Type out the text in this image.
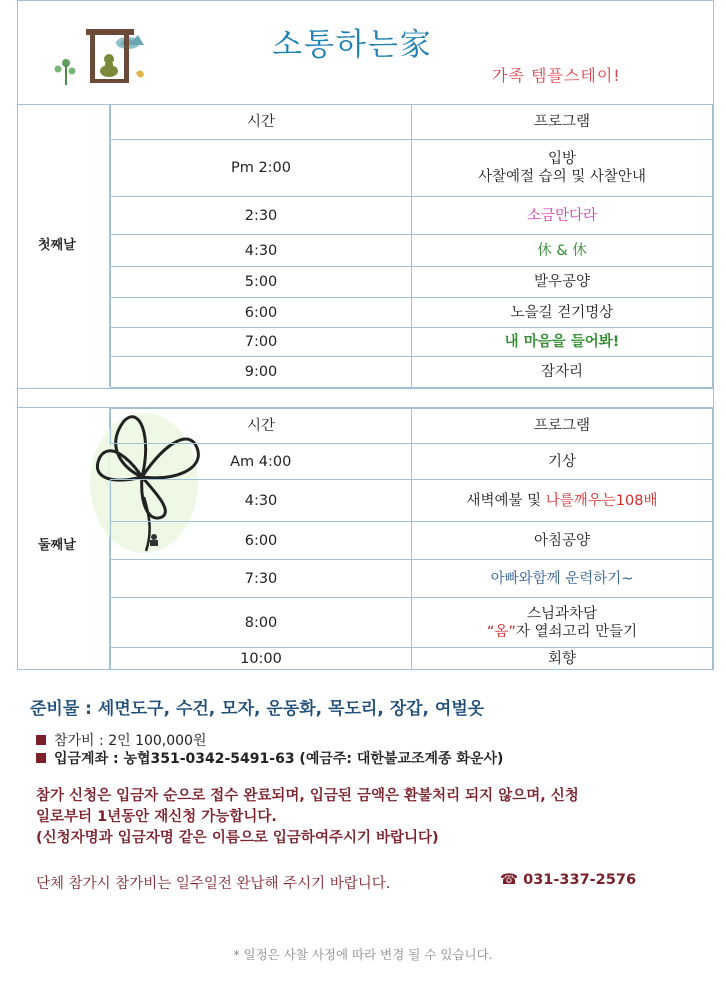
소통하는家
가족 템플스테이!
첫째날
시간	프로그램
Pm 2:00	입방
사찰예절 습의 및 사찰안내
2:30	소금만다라
4:30	休 & 休
5:00	발우공양
6:00	노을길 걷기명상
7:00	내 마음을 들어봐!
9:00	잠자리
둘째날
시간	프로그램
Am 4:00	기상
4:30	새벽예불 및 나를깨우는108배
6:00	아침공양
7:30	아빠와함께 운력하기~
8:00	스님과차담
“옴”자 열쇠고리 만들기
10:00	회향
준비물 : 세면도구, 수건, 모자, 운동화, 목도리, 장갑, 여벌옷
참가비 : 2인 100,000원
입금계좌 : 농협351-0342-5491-63 (예금주: 대한불교조계종 화운사)
참가 신청은 입금자 순으로 접수 완료되며, 입금된 금액은 환불처리 되지 않으며, 신청
일로부터 1년동안 재신청 가능합니다.
(신청자명과 입금자명 같은 이름으로 입금하여주시기 바랍니다)
단체 참가시 참가비는 일주일전 완납해 주시기 바랍니다.	☎ 031-337-2576
* 일정은 사찰 사정에 따라 변경 될 수 있습니다.
